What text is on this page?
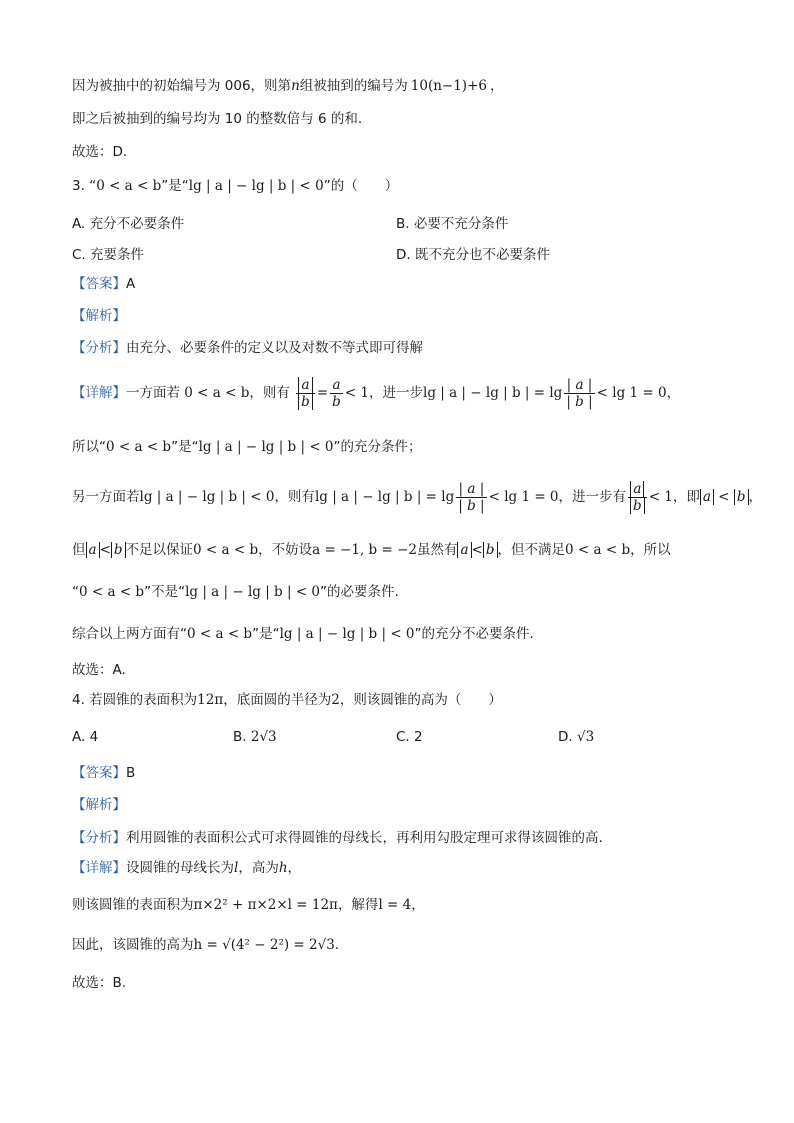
因为被抽中的初始编号为 006，则第n组被抽到的编号为 10(n−1)+6 ，
即之后被抽到的编号均为 10 的整数倍与 6 的和.
故选：D.
3. “0 < a < b”是“lg | a | − lg | b | < 0”的（　　）
A. 充分不必要条件	B. 必要不充分条件
C. 充要条件	D. 既不充分也不必要条件
【答案】A
【解析】
【分析】由充分、必要条件的定义以及对数不等式即可得解
【详解】一方面若 0 < a < b，则有 $\frac{a}{b} = \frac{a}{b} < 1$，进一步lg | a | − lg | b | = $\lg \frac{| a |}{| b |} < \lg 1 = 0$，
所以“0 < a < b”是“lg | a | − lg | b | < 0”的充分条件；
另一方面若lg | a | − lg | b | < 0，则有lg | a | − lg | b | = $\lg \frac{| a |}{| b |} < \lg 1 = 0$，进一步有 $\frac{a}{b} < 1$，即 a < b ，
但 a < b 不足以保证0 < a < b，不妨设a = −1, b = −2虽然有 a < b ，但不满足0 < a < b，所以
“0 < a < b”不是“lg | a | − lg | b | < 0”的必要条件.
综合以上两方面有“0 < a < b”是“lg | a | − lg | b | < 0”的充分不必要条件.
故选：A.
4. 若圆锥的表面积为12π，底面圆的半径为2，则该圆锥的高为（　　）
A. 4	B. 2√3	C. 2	D. √3
【答案】B
【解析】
【分析】利用圆锥的表面积公式可求得圆锥的母线长，再利用勾股定理可求得该圆锥的高.
【详解】设圆锥的母线长为l，高为h，
则该圆锥的表面积为π×2² + π×2×l = 12π，解得l = 4，
因此，该圆锥的高为h = √(4² − 2²) = 2√3.
故选：B.
